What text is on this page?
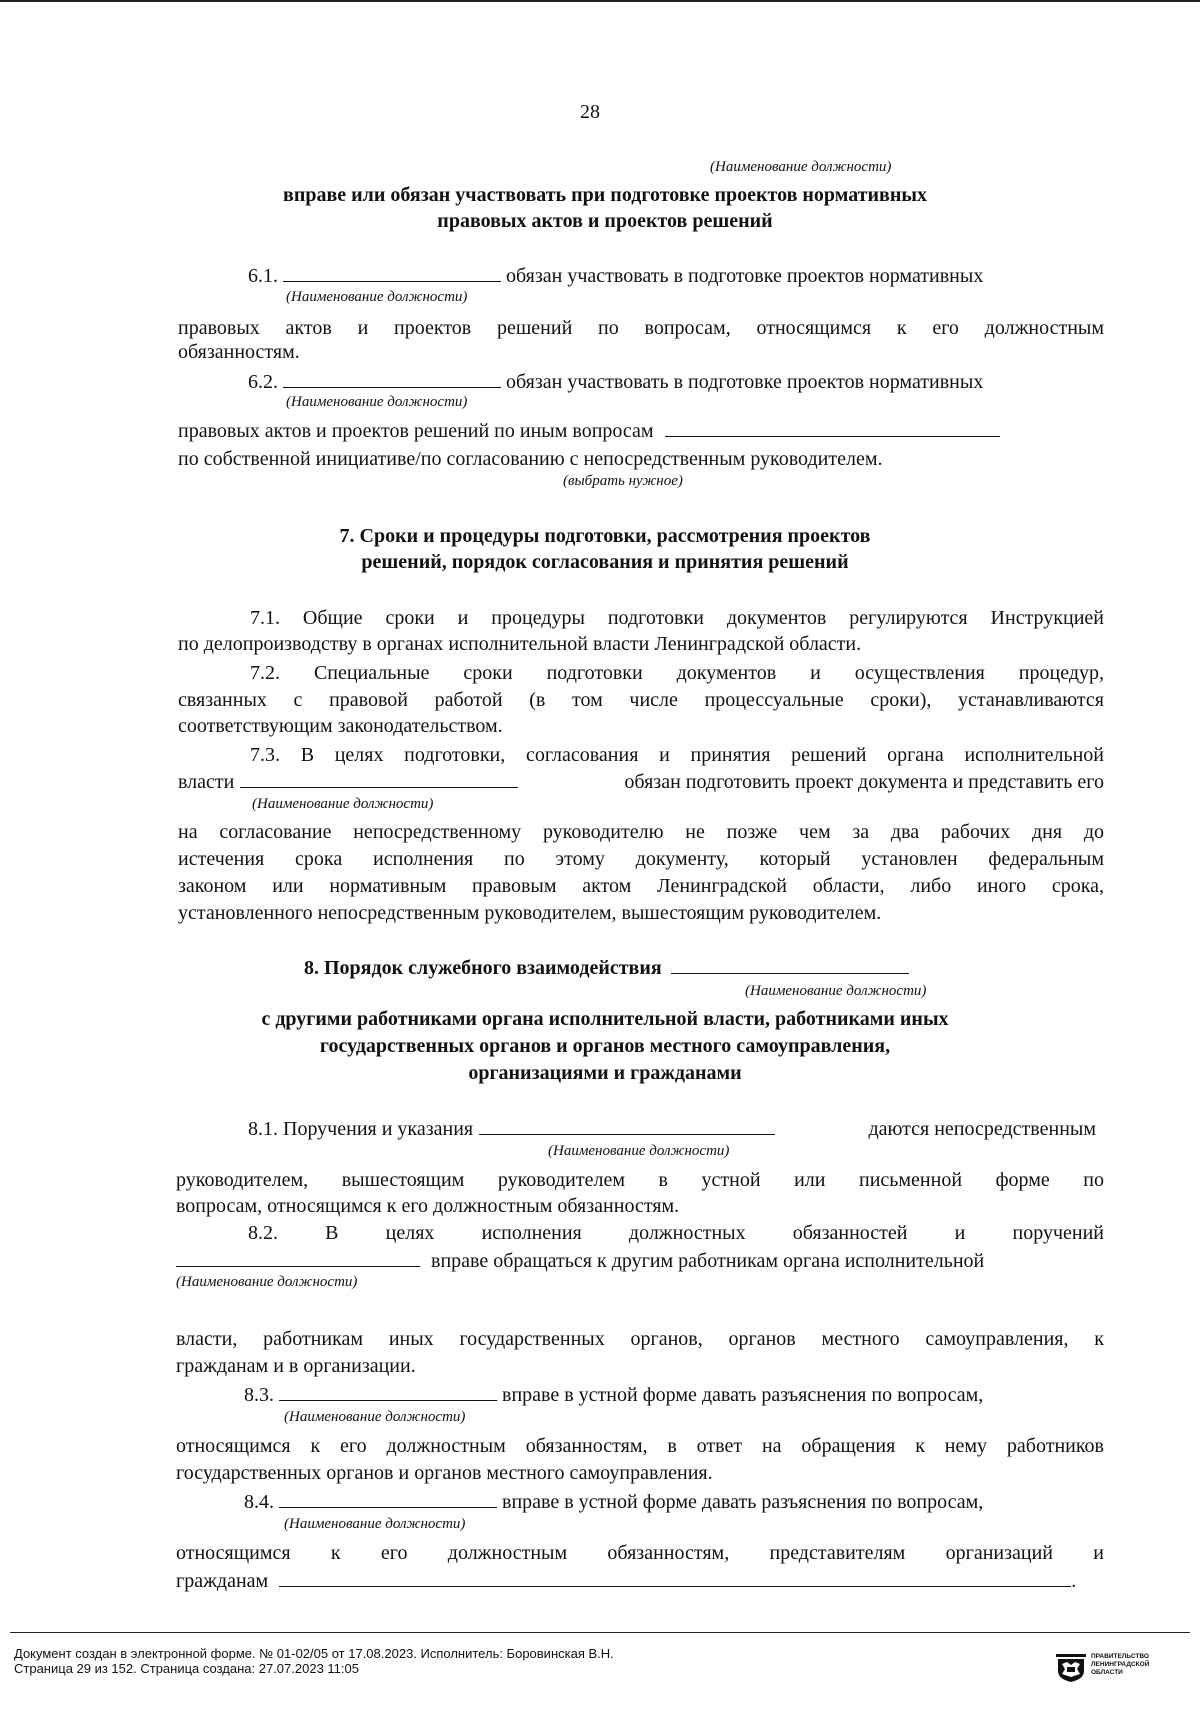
28
(Наименование должности)
вправе или обязан участвовать при подготовке проектов нормативных
правовых актов и проектов решений
6.1.	обязан участвовать в подготовке проектов нормативных
(Наименование должности)
правовых актов и проектов решений по вопросам, относящимся к его должностным
обязанностям.
6.2.	обязан участвовать в подготовке проектов нормативных
(Наименование должности)
правовых актов и проектов решений по иным вопросам
по собственной инициативе/по согласованию с непосредственным руководителем.
(выбрать нужное)
7. Сроки и процедуры подготовки, рассмотрения проектов
решений, порядок согласования и принятия решений
7.1. Общие сроки и процедуры подготовки документов регулируются Инструкцией
по делопроизводству в органах исполнительной власти Ленинградской области.
7.2. Специальные сроки подготовки документов и осуществления процедур,
связанных с правовой работой (в том числе процессуальные сроки), устанавливаются
соответствующим законодательством.
7.3. В целях подготовки, согласования и принятия решений органа исполнительной
власти	обязан подготовить проект документа и представить его
(Наименование должности)
на согласование непосредственному руководителю не позже чем за два рабочих дня до
истечения срока исполнения по этому документу, который установлен федеральным
законом или нормативным правовым актом Ленинградской области, либо иного срока,
установленного непосредственным руководителем, вышестоящим руководителем.
8. Порядок служебного взаимодействия
(Наименование должности)
с другими работниками органа исполнительной власти, работниками иных
государственных органов и органов местного самоуправления,
организациями и гражданами
8.1. Поручения и указания	даются непосредственным
(Наименование должности)
руководителем, вышестоящим руководителем в устной или письменной форме по
вопросам, относящимся к его должностным обязанностям.
8.2. В целях исполнения должностных обязанностей и поручений
вправе обращаться к другим работникам органа исполнительной
(Наименование должности)
власти, работникам иных государственных органов, органов местного самоуправления, к
гражданам и в организации.
8.3.	вправе в устной форме давать разъяснения по вопросам,
(Наименование должности)
относящимся к его должностным обязанностям, в ответ на обращения к нему работников
государственных органов и органов местного самоуправления.
8.4.	вправе в устной форме давать разъяснения по вопросам,
(Наименование должности)
относящимся к его должностным обязанностям, представителям организаций и
гражданам	.
Документ создан в электронной форме. № 01-02/05 от 17.08.2023. Исполнитель: Боровинская В.Н.
Страница 29 из 152. Страница создана: 27.07.2023 11:05
ПРАВИТЕЛЬСТВО
ЛЕНИНГРАДСКОЙ
ОБЛАСТИ
